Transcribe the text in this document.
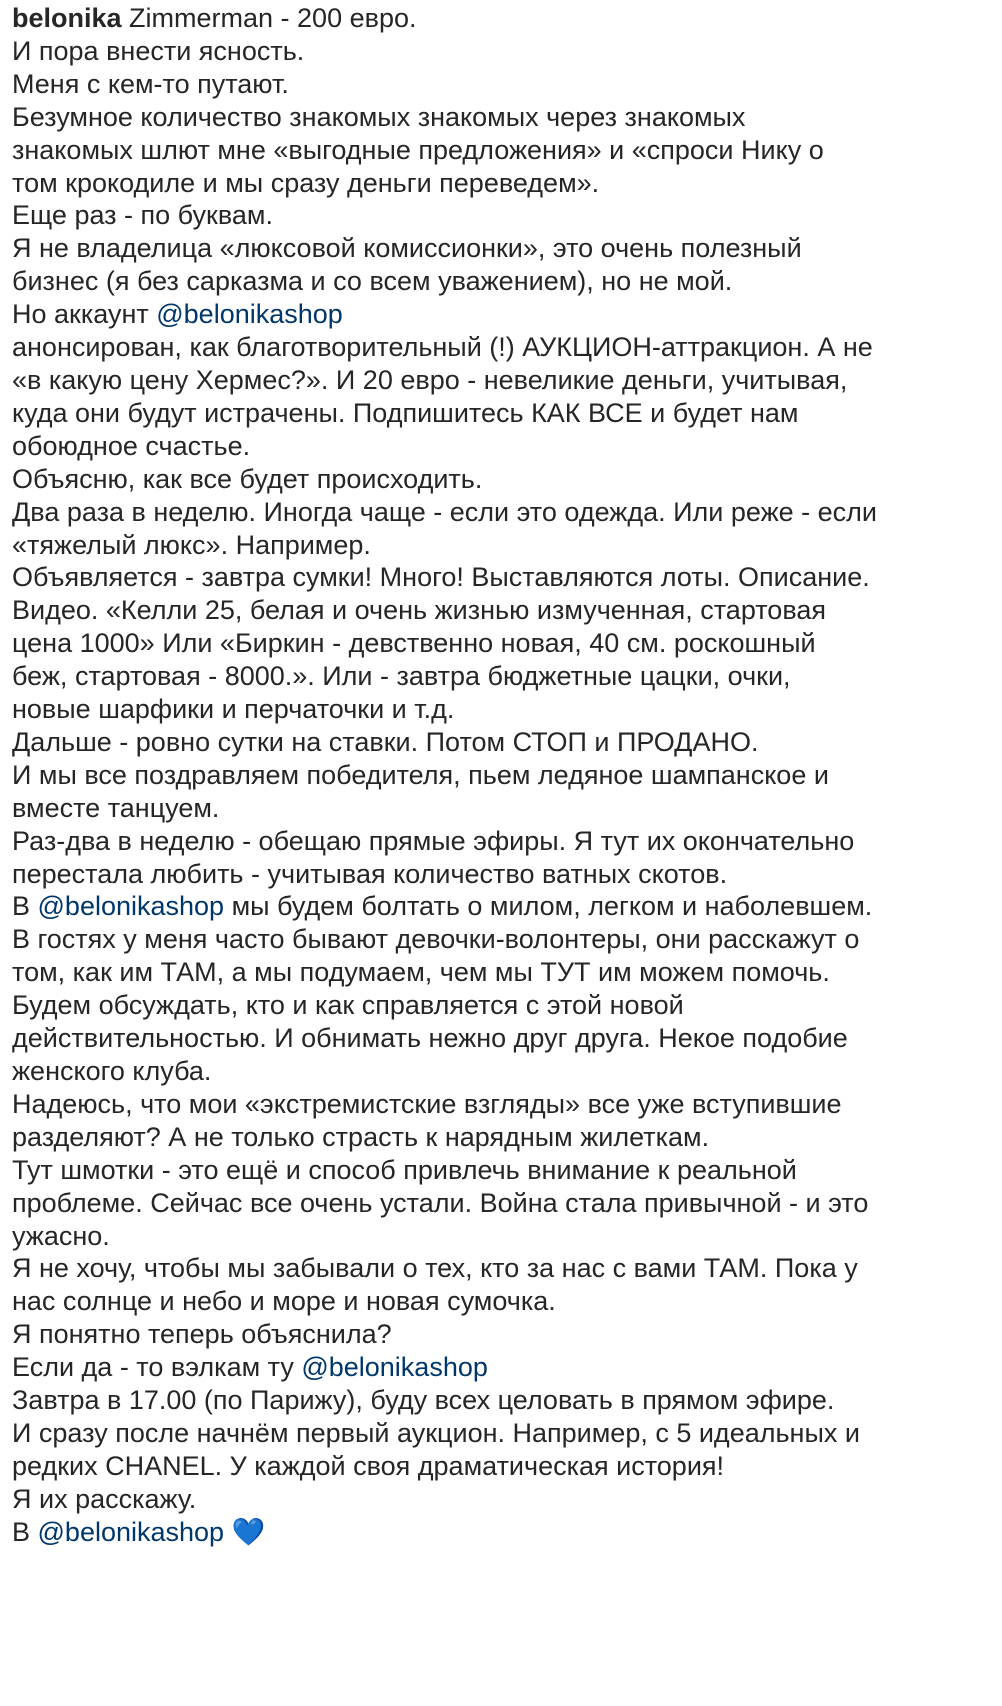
belonika Zimmerman - 200 евро.
И пора внести ясность.
Меня с кем-то путают.
Безумное количество знакомых знакомых через знакомых
знакомых шлют мне «выгодные предложения» и «спроси Нику о
том крокодиле и мы сразу деньги переведем».
Еще раз - по буквам.
Я не владелица «люксовой комиссионки», это очень полезный
бизнес (я без сарказма и со всем уважением), но не мой.
Но аккаунт @belonikashop
анонсирован, как благотворительный (!) АУКЦИОН-аттракцион. А не
«в какую цену Хермес?». И 20 евро - невеликие деньги, учитывая,
куда они будут истрачены. Подпишитесь КАК ВСЕ и будет нам
обоюдное счастье.
Объясню, как все будет происходить.
Два раза в неделю. Иногда чаще - если это одежда. Или реже - если
«тяжелый люкс». Например.
Объявляется - завтра сумки! Много! Выставляются лоты. Описание.
Видео. «Келли 25, белая и очень жизнью измученная, стартовая
цена 1000» Или «Биркин - девственно новая, 40 см. роскошный
беж, стартовая - 8000.». Или - завтра бюджетные цацки, очки,
новые шарфики и перчаточки и т.д.
Дальше - ровно сутки на ставки. Потом СТОП и ПРОДАНО.
И мы все поздравляем победителя, пьем ледяное шампанское и
вместе танцуем.
Раз-два в неделю - обещаю прямые эфиры. Я тут их окончательно
перестала любить - учитывая количество ватных скотов.
В @belonikashop мы будем болтать о милом, легком и наболевшем.
В гостях у меня часто бывают девочки-волонтеры, они расскажут о
том, как им ТАМ, а мы подумаем, чем мы ТУТ им можем помочь.
Будем обсуждать, кто и как справляется с этой новой
действительностью. И обнимать нежно друг друга. Некое подобие
женского клуба.
Надеюсь, что мои «экстремистские взгляды» все уже вступившие
разделяют? А не только страсть к нарядным жилеткам.
Тут шмотки - это ещё и способ привлечь внимание к реальной
проблеме. Сейчас все очень устали. Война стала привычной - и это
ужасно.
Я не хочу, чтобы мы забывали о тех, кто за нас с вами ТАМ. Пока у
нас солнце и небо и море и новая сумочка.
Я понятно теперь объяснила?
Если да - то вэлкам ту @belonikashop
Завтра в 17.00 (по Парижу), буду всех целовать в прямом эфире.
И сразу после начнём первый аукцион. Например, с 5 идеальных и
редких CHANEL. У каждой своя драматическая история!
Я их расскажу.
В @belonikashop 💙
